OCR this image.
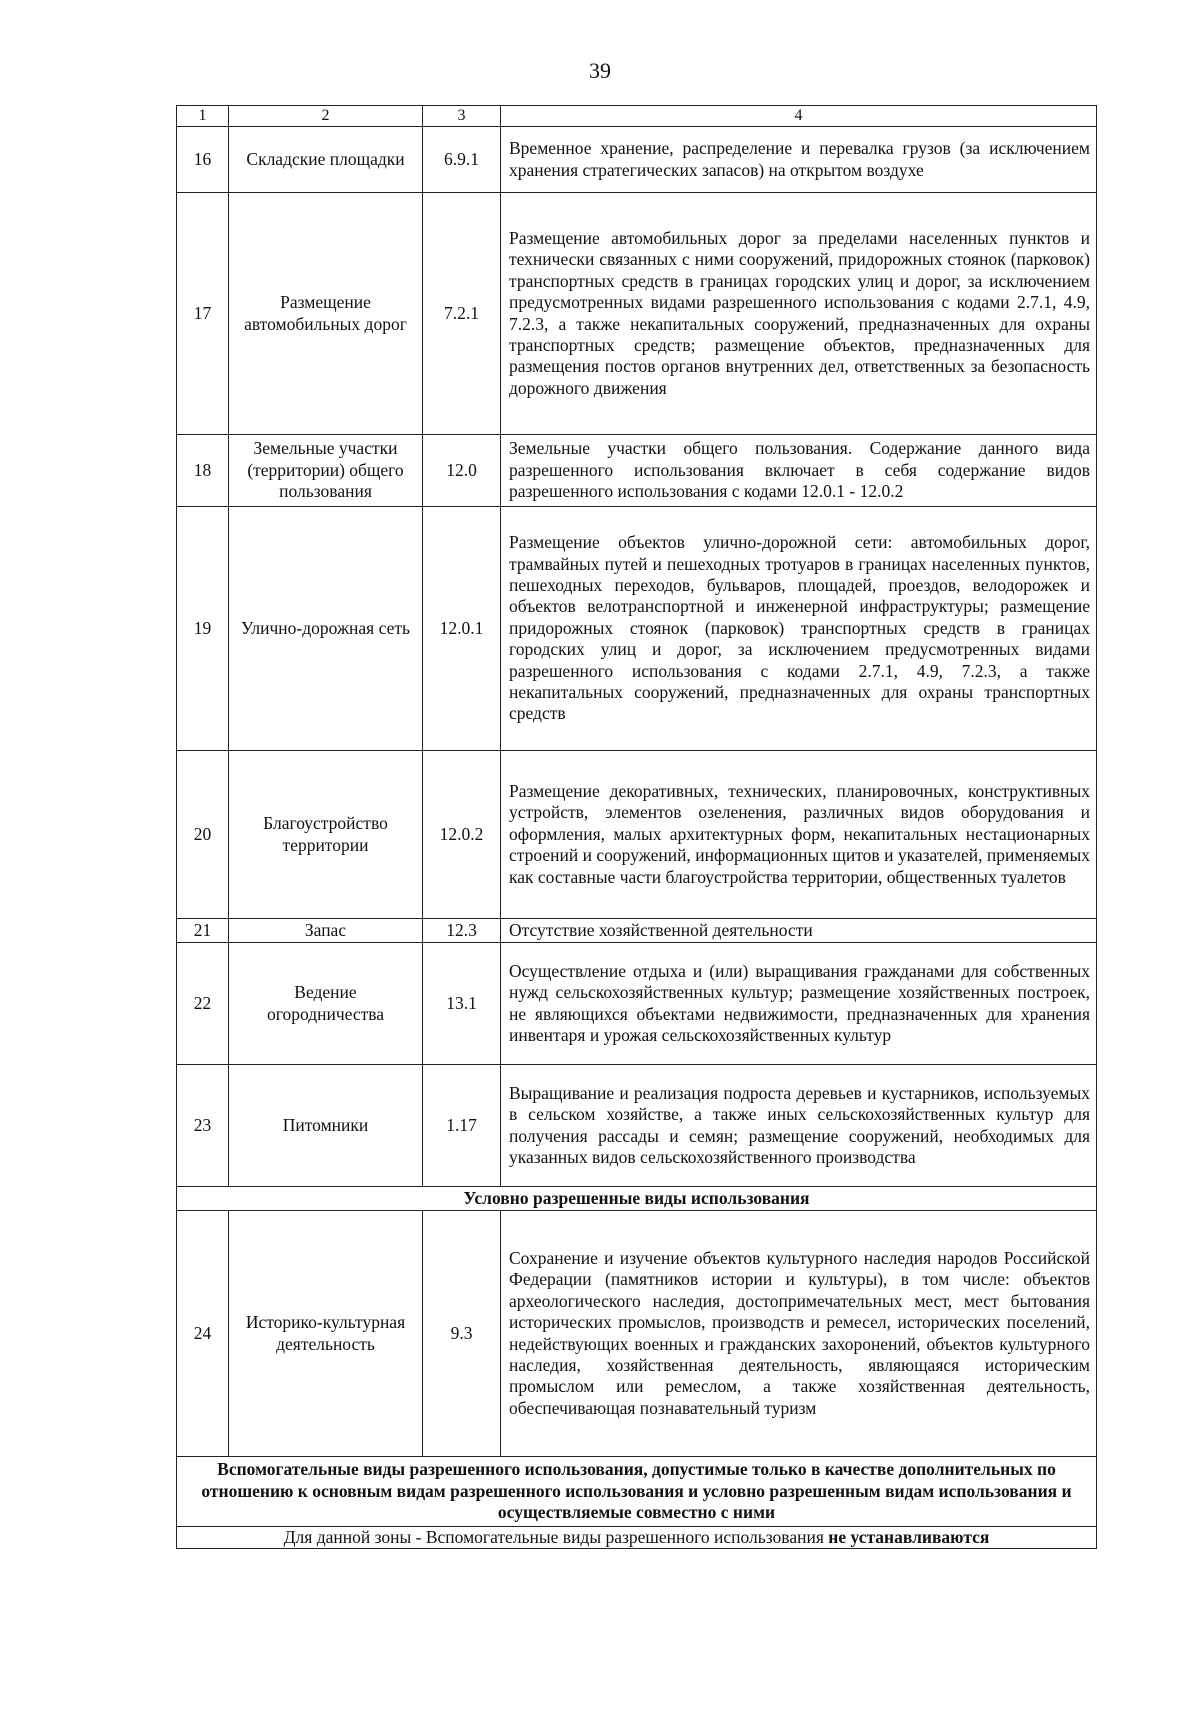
39
1	2	3	4
16	Складские площадки	6.9.1	Временное хранение, распределение и перевалка грузов (за исключением хранения стратегических запасов) на открытом воздухе
17	Размещение автомобильных дорог	7.2.1	Размещение автомобильных дорог за пределами населенных пунктов и технически связанных с ними сооружений, придорожных стоянок (парковок) транспортных средств в границах городских улиц и дорог, за исключением предусмотренных видами разрешенного использования с кодами 2.7.1, 4.9, 7.2.3, а также некапитальных сооружений, предназначенных для охраны транспортных средств; размещение объектов, предназначенных для размещения постов органов внутренних дел, ответственных за безопасность дорожного движения
18	Земельные участки (территории) общего пользования	12.0	Земельные участки общего пользования. Содержание данного вида разрешенного использования включает в себя содержание видов разрешенного использования с кодами 12.0.1 - 12.0.2
19	Улично-дорожная сеть	12.0.1	Размещение объектов улично-дорожной сети: автомобильных дорог, трамвайных путей и пешеходных тротуаров в границах населенных пунктов, пешеходных переходов, бульваров, площадей, проездов, велодорожек и объектов велотранспортной и инженерной инфраструктуры; размещение придорожных стоянок (парковок) транспортных средств в границах городских улиц и дорог, за исключением предусмотренных видами разрешенного использования с кодами 2.7.1, 4.9, 7.2.3, а также некапитальных сооружений, предназначенных для охраны транспортных средств
20	Благоустройство территории	12.0.2	Размещение декоративных, технических, планировочных, конструктивных устройств, элементов озеленения, различных видов оборудования и оформления, малых архитектурных форм, некапитальных нестационарных строений и сооружений, информационных щитов и указателей, применяемых как составные части благоустройства территории, общественных туалетов
21	Запас	12.3	Отсутствие хозяйственной деятельности
22	Ведение огородничества	13.1	Осуществление отдыха и (или) выращивания гражданами для собственных нужд сельскохозяйственных культур; размещение хозяйственных построек, не являющихся объектами недвижимости, предназначенных для хранения инвентаря и урожая сельскохозяйственных культур
23	Питомники	1.17	Выращивание и реализация подроста деревьев и кустарников, используемых в сельском хозяйстве, а также иных сельскохозяйственных культур для получения рассады и семян; размещение сооружений, необходимых для указанных видов сельскохозяйственного производства
Условно разрешенные виды использования			
24	Историко-культурная деятельность	9.3	Сохранение и изучение объектов культурного наследия народов Российской Федерации (памятников истории и культуры), в том числе: объектов археологического наследия, достопримечательных мест, мест бытования исторических промыслов, производств и ремесел, исторических поселений, недействующих военных и гражданских захоронений, объектов культурного наследия, хозяйственная деятельность, являющаяся историческим промыслом или ремеслом, а также хозяйственная деятельность, обеспечивающая познавательный туризм
Вспомогательные виды разрешенного использования, допустимые только в качестве дополнительных по отношению к основным видам разрешенного использования и условно разрешенным видам использования и осуществляемые совместно с ними			
Для данной зоны - Вспомогательные виды разрешенного использования не устанавливаются			
